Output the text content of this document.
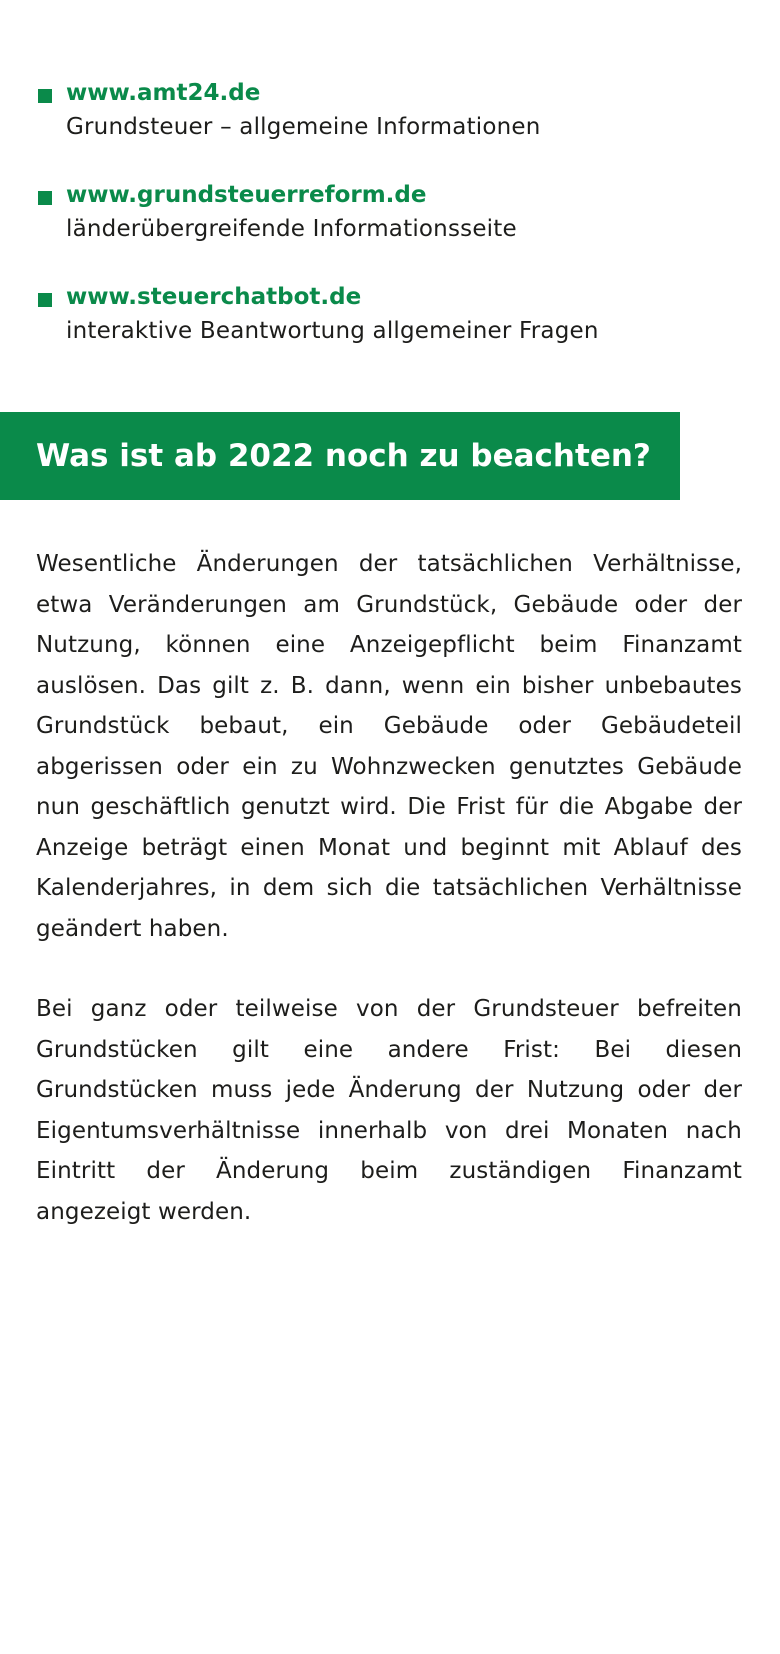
www.amt24.de
Grundsteuer – allgemeine Informationen
www.grundsteuerreform.de
länderübergreifende Informationsseite
www.steuerchatbot.de
interaktive Beantwortung allgemeiner Fragen
Was ist ab 2022 noch zu beachten?

Wesentliche Änderungen der tatsächlichen Verhältnisse, etwa Veränderungen am Grundstück, Gebäude oder der Nutzung, können eine Anzeigepflicht beim Finanzamt auslösen. Das gilt z. B. dann, wenn ein bisher unbebautes Grundstück bebaut, ein Gebäude oder Gebäudeteil abgerissen oder ein zu Wohnzwecken genutztes Gebäude nun geschäftlich genutzt wird. Die Frist für die Abgabe der Anzeige beträgt einen Monat und beginnt mit Ablauf des Kalenderjahres, in dem sich die tatsächlichen Verhältnisse geändert haben.

Bei ganz oder teilweise von der Grundsteuer befreiten Grundstücken gilt eine andere Frist: Bei diesen Grundstücken muss jede Änderung der Nutzung oder der Eigentumsverhältnisse innerhalb von drei Monaten nach Eintritt der Änderung beim zuständigen Finanzamt angezeigt werden.
